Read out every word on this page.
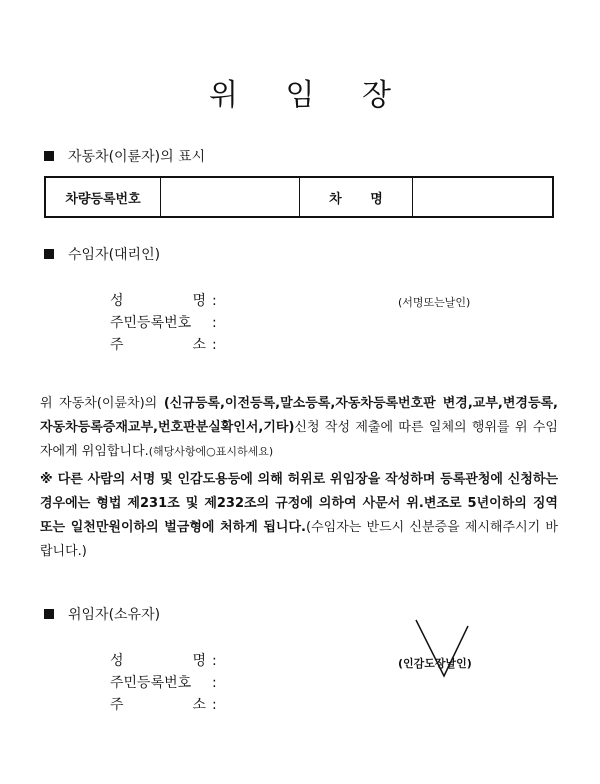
위 임 장
자동차(이륜자)의 표시
차량등록번호		차 명	
수임자(대리인)
성	명 :
주민등록번호	:
주	소 :
(서명또는날인)
위 자동차(이륜차)의 (신규등록,이전등록,말소등록,자동차등록번호판 변경,교부,변경등록, 자동차등록증재교부,번호판분실확인서,기타)신청 작성 제출에 따른 일체의 행위를 위 수임자에게 위임합니다.(해당사항에○표시하세요)
※ 다른 사람의 서명 및 인감도용등에 의해 허위로 위임장을 작성하며 등록관청에 신청하는 경우에는 형법 제231조 및 제232조의 규정에 의하여 사문서 위.변조로 5년이하의 징역 또는 일천만원이하의 벌금형에 처하게 됩니다.(수임자는 반드시 신분증을 제시해주시기 바랍니다.)
위임자(소유자)
성	명 :
주민등록번호	:
주	소 :
(인감도장날인)
